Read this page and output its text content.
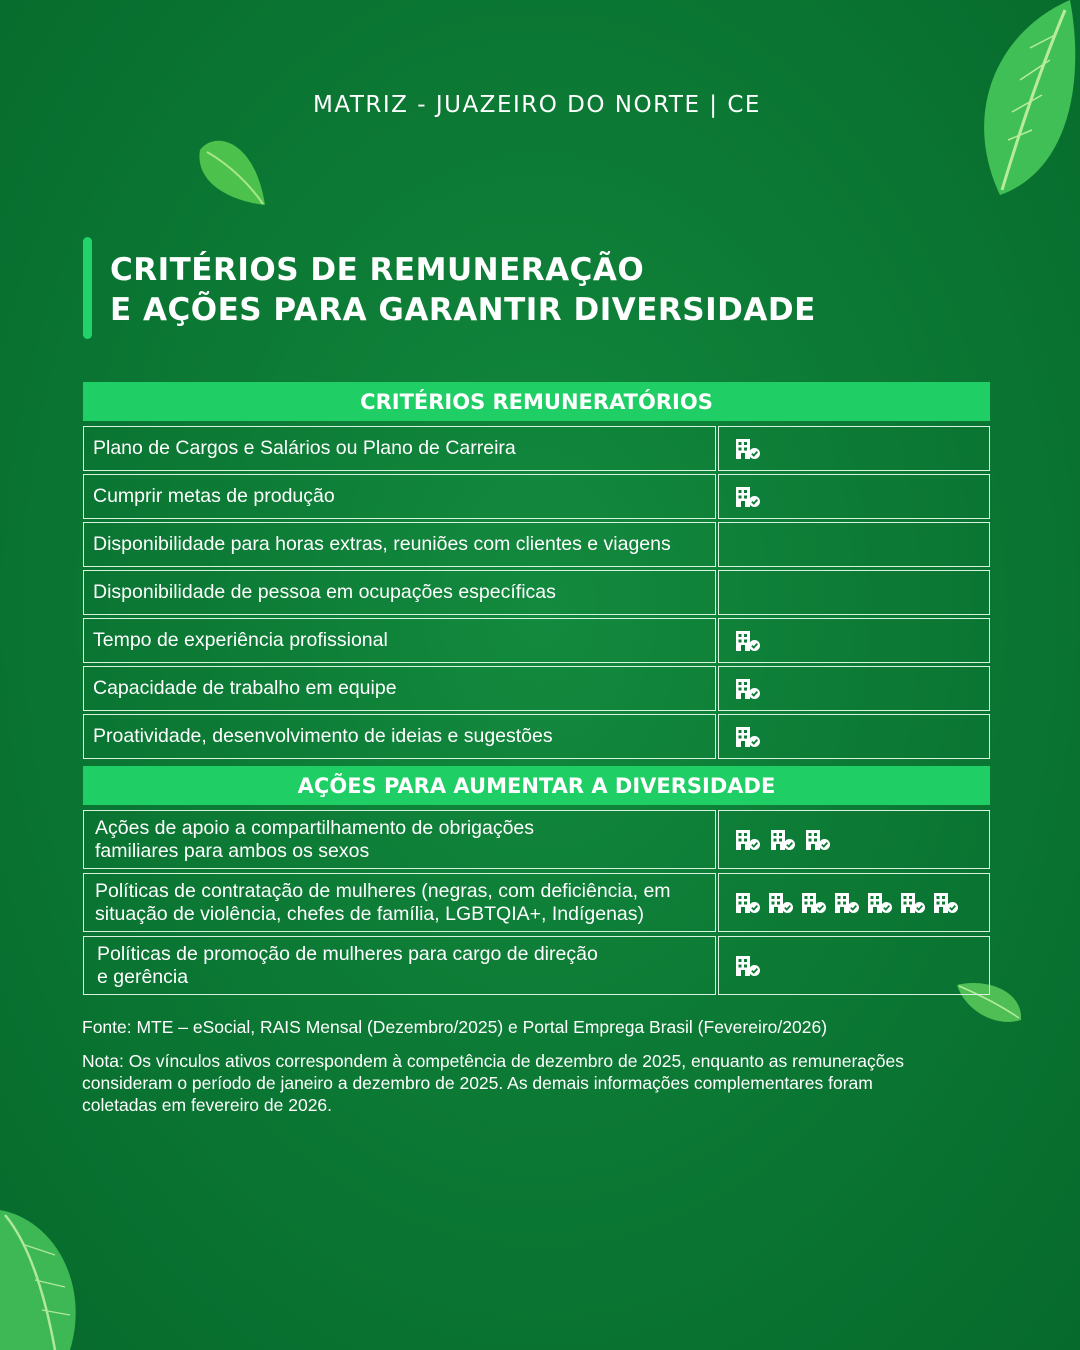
MATRIZ - JUAZEIRO DO NORTE | CE
CRITÉRIOS DE REMUNERAÇÃO
E AÇÕES PARA GARANTIR DIVERSIDADE
CRITÉRIOS REMUNERATÓRIOS
Plano de Cargos e Salários ou Plano de Carreira
Cumprir metas de produção
Disponibilidade para horas extras, reuniões com clientes e viagens
Disponibilidade de pessoa em ocupações específicas
Tempo de experiência profissional
Capacidade de trabalho em equipe
Proatividade, desenvolvimento de ideias e sugestões
AÇÕES PARA AUMENTAR A DIVERSIDADE
Ações de apoio a compartilhamento de obrigações
familiares para ambos os sexos
Políticas de contratação de mulheres (negras, com deficiência, em
situação de violência, chefes de família, LGBTQIA+, Indígenas)
Políticas de promoção de mulheres para cargo de direção
e gerência
Fonte: MTE – eSocial, RAIS Mensal (Dezembro/2025) e Portal Emprega Brasil (Fevereiro/2026)
Nota: Os vínculos ativos correspondem à competência de dezembro de 2025, enquanto as remunerações
consideram o período de janeiro a dezembro de 2025. As demais informações complementares foram
coletadas em fevereiro de 2026.
